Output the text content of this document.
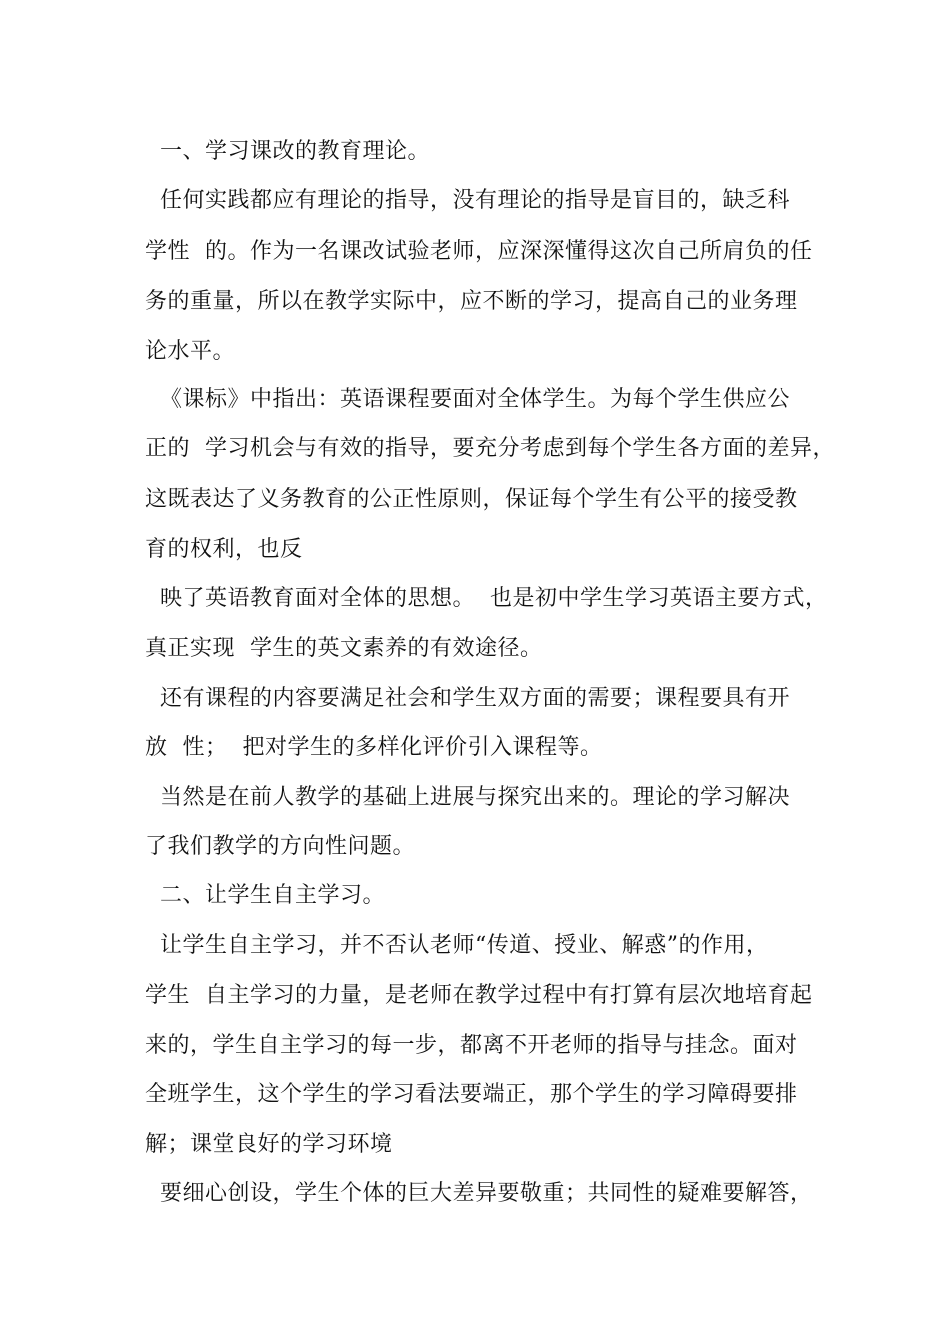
一、学习课改的教育理论。
任何实践都应有理论的指导，没有理论的指导是盲目的，缺乏科
学性  的。作为一名课改试验老师，应深深懂得这次自己所肩负的任
务的重量，所以在教学实际中，应不断的学习，提高自己的业务理
论水平。
《课标》中指出：英语课程要面对全体学生。为每个学生供应公
正的  学习机会与有效的指导，要充分考虑到每个学生各方面的差异，
这既表达了义务教育的公正性原则，保证每个学生有公平的接受教
育的权利，也反
映了英语教育面对全体的思想。  也是初中学生学习英语主要方式，
真正实现  学生的英文素养的有效途径。
还有课程的内容要满足社会和学生双方面的需要；课程要具有开
放  性；  把对学生的多样化评价引入课程等。
当然是在前人教学的基础上进展与探究出来的。理论的学习解决
了我们教学的方向性问题。
二、让学生自主学习。
让学生自主学习，并不否认老师“传道、授业、解惑”的作用，
学生  自主学习的力量，是老师在教学过程中有打算有层次地培育起
来的，学生自主学习的每一步，都离不开老师的指导与挂念。面对
全班学生，这个学生的学习看法要端正，那个学生的学习障碍要排
解；课堂良好的学习环境
要细心创设，学生个体的巨大差异要敬重；共同性的疑难要解答，
